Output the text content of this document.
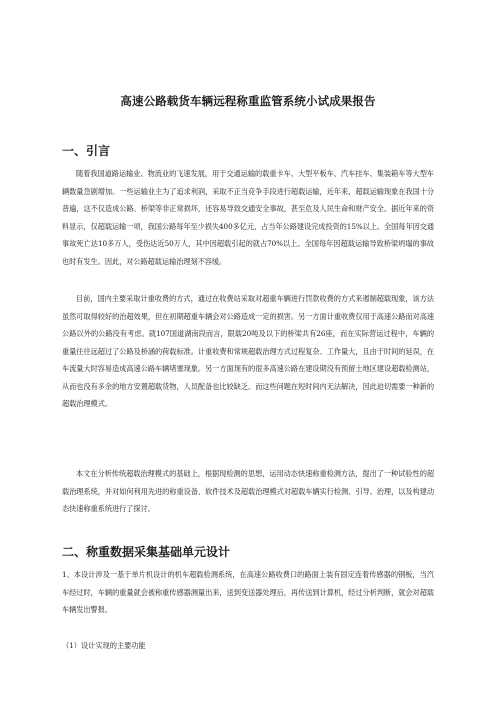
高速公路载货车辆远程称重监管系统小试成果报告
一、引言

随着我国道路运输业、物流业的飞速发展，用于交通运输的载重卡车、大型平板车、汽车挂车、集装箱车等大型车辆数量急剧增加。一些运输业主为了追求利润，采取不正当竞争手段进行超载运输，近年来，超载运输现象在我国十分普遍，这不仅造成公路、桥梁等非正常损坏，还容易导致交通安全事故，甚至危及人民生命和财产安全。据近年来的资料显示，仅超载运输一项，我国公路每年至少损失400多亿元，占当年公路建设完成投资的15%以上。全国每年因交通事故死亡达10多万人，受伤达近50万人，其中因超载引起的就占70%以上。全国每年因超载运输导致桥梁坍塌的事故也时有发生。因此，对公路超载运输治理刻不容缓。

目前，国内主要采取计重收费的方式，通过在收费站采取对超重车辆进行罚款收费的方式来遏制超载现象，该方法虽然可取得较好的治超效果，但在初期超重车辆会对公路造成一定的损害。另一方面计重收费仅用于高速公路而对高速公路以外的公路没有考虑。就107国道湖南段而言，限载20吨及以下的桥梁共有26座，而在实际营运过程中，车辆的重量往往远超过了公路及桥涵的荷载标准。计重收费和常规超载治理方式过程复杂、工作量大，且由于时间的延误，在车流量大时容易造成高速公路车辆堵塞现象。另一方面现有的很多高速公路在建设期没有预留土地区建设超载检测站，从而也没有多余的地方安置超载货物，人员配备也比较缺乏。而这些问题在短时间内无法解决，因此迫切需要一种新的超载治理模式。

本文在分析传统超载治理模式的基础上，根据现检测的思想，运用动态快速称重检测方法，提出了一种试验性的超载治理系统，并对如何利用先进的称重设备、软件技术及超载治理模式对超载车辆实行检测、引导、治理，以及构建动态快速称重系统进行了探讨。

二、称重数据采集基础单元设计

1、本设计涉及一基于单片机设计的机车超载检测系统，在高速公路收费口的路面上装有固定连着传感器的钢板，当汽车经过时，车辆的重量就会被称重传感器测量出来，送到变送器处理后，再传送到计算机，经过分析判断，就会对超载车辆发出警报。

（1）设计实现的主要功能
